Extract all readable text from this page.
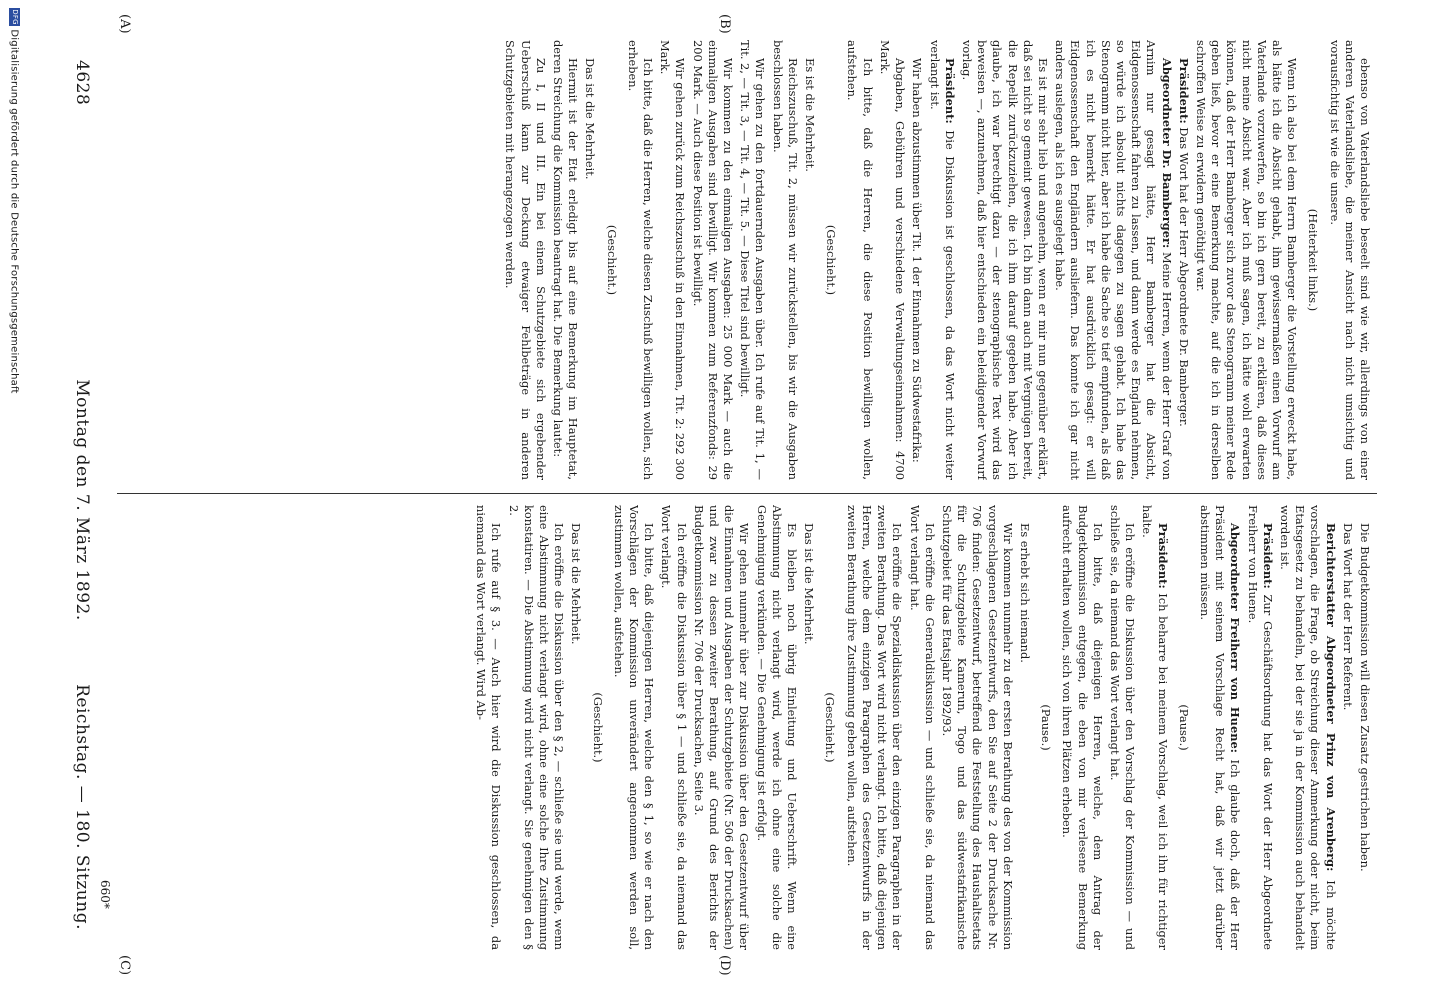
4628
Montag den 7. März 1892.
Reichstag. — 180. Sitzung.
(A)	(B)
(C)	(D)

ebenso von Vaterlandsliebe beseelt sind wie wir, allerdings von einer anderen Vaterlandsliebe, die meiner Ansicht nach nicht umsichtig und vorausfichtig ist wie die unsere.

(Heiterkeit links.)

Wenn ich also bei dem Herrn Bamberger die Vorstellung erweckt habe, als hätte ich die Absicht gehabt, ihm gewissermaßen einen Vorwurf am Vaterlande vorzuwerfen, so bin ich gern bereit, zu erklären, daß dieses nicht meine Absicht war. Aber ich muß sagen, ich hätte wohl erwarten können, daß der Herr Bamberger sich zuvor das Stenogramm meiner Rede geben ließ, bevor er eine Bemerkung machte, auf die ich in derselben schroffen Weise zu erwidern genöthigt war.

Präsident: Das Wort hat der Herr Abgeordnete Dr. Bamberger.

Abgeordneter Dr. Bamberger: Meine Herren, wenn der Herr Graf von Arnim nur gesagt hätte, Herr Bamberger hat die Absicht, Eidgenossenschaft fahren zu lassen, und dann werde es England nehmen, so würde ich absolut nichts dagegen zu sagen gehabt. Ich habe das Stenogramm nicht hier, aber ich habe die Sache so tief empfunden, als daß ich es nicht bemerkt hätte. Er hat ausdrücklich gesagt: er will Eidgenossenschaft den Engländern ausliefern. Das konnte ich gar nicht anders auslegen, als ich es ausgelegt habe.

Es ist mir sehr lieb und angenehm, wenn er mir nun gegenüber erklärt, daß sei nicht so gemeint gewesen. Ich bin dann auch mit Vergnügen bereit, die Repelik zurückzuziehen, die ich ihm darauf gegeben habe. Aber ich glaube, ich war berechtigt dazu — der stenographische Text wird das beweisen —, anzunehmen, daß hier entschieden ein beleidigender Vorwurf vorlag.

Präsident: Die Diskussion ist geschlossen, da das Wort nicht weiter verlangt ist.

Wir haben abzustimmen über Tit. 1 der Einnahmen zu Südwestafrika:

Abgaben, Gebühren und verschiedene Verwaltungseinnahmen: 4700 Mark.

Ich bitte, daß die Herren, die diese Position bewilligen wollen, aufstehen.

(Geschieht.)

Es ist die Mehrheit.

Reichszuschuß, Tit. 2, müssen wir zurückstellen, bis wir die Ausgaben beschlossen haben.

Wir gehen zu den fortdauernden Ausgaben über. Ich rufe auf Tit. 1, — Tit. 2, — Tit. 3, — Tit. 4, — Tit. 5. — Diese Titel sind bewilligt.

Wir kommen zu den einmaligen Ausgaben: 25 000 Mark — auch die einmaligen Ausgaben sind bewilligt. Wir kommen zum Referenzfonds: 29 200 Mark. — Auch diese Position ist bewilligt.

Wir gehen zurück zum Reichszuschuß in den Einnahmen, Tit. 2: 292 300 Mark.

Ich bitte, daß die Herren, welche diesen Zuschuß bewilligen wollen, sich erheben.

(Geschieht.)

Das ist die Mehrheit.

Hiermit ist der Etat erledigt bis auf eine Bemerkung im Hauptetat, deren Streichung die Kommission beantragt hat. Die Bemerkung lautet:

Zu I, II und III. Ein bei einem Schutzgebiete sich ergebender Ueberschuß kann zur Deckung etwaiger Fehlbeträge in anderen Schutzgebieten mit herangezogen werden.

Die Budgetkommission will diesen Zusatz gestrichen haben.

Das Wort hat der Herr Referent.

Berichterstatter Abgeordneter Prinz von Arenberg: Ich möchte vorschlagen, die Frage, ob Streichung dieser Anmerkung oder nicht, beim Etatsgesetz zu behandeln, bei der sie ja in der Kommission auch behandelt worden ist.

Präsident: Zur Geschäftsordnung hat das Wort der Herr Abgeordnete Freiherr von Huene.

Abgeordneter Freiherr von Huene: Ich glaube doch, daß der Herr Präsident mit seinem Vorschlage Recht hat, daß wir jetzt darüber abstimmen müssen.

(Pause.)

Präsident: Ich beharre bei meinem Vorschlag, weil ich ihn für richtiger halte.

Ich eröffne die Diskussion über den Vorschlag der Kommission — und schließe sie, da niemand das Wort verlangt hat.

Ich bitte, daß diejenigen Herren, welche, dem Antrag der Budgetkommission entgegen, die eben von mir verlesene Bemerkung aufrecht erhalten wollen, sich von ihren Plätzen erheben.

(Pause.)

Es erhebt sich niemand.

Wir kommen nunmehr zu der ersten Berathung des von der Kommission vorgeschlagenen Gesetzentwurfs, den Sie auf Seite 2 der Drucksache Nr. 706 finden: Gesetzentwurf, betreffend die Feststellung des Haushaltsetats für die Schutzgebiete Kamerun, Togo und das südwestafrikanische Schutzgebiet für das Etatsjahr 1892/93.

Ich eröffne die Generaldiskussion — und schließe sie, da niemand das Wort verlangt hat.

Ich eröffne die Spezialdiskussion über den einzigen Paragraphen in der zweiten Berathung. Das Wort wird nicht verlangt. Ich bitte, daß diejenigen Herren, welche dem einzigen Paragraphen des Gesetzentwurfs in der zweiten Berathung ihre Zustimmung geben wollen, aufstehen.

(Geschieht.)

Das ist die Mehrheit.

Es bleiben noch übrig Einleitung und Ueberschrift. Wenn eine Abstimmung nicht verlangt wird, werde ich ohne eine solche die Genehmigung verkünden. — Die Genehmigung ist erfolgt.

Wir gehen nunmehr über zur Diskussion über den Gesetzentwurf über die Einnahmen und Ausgaben der Schutzgebiete (Nr. 506 der Drucksachen) und zwar zu dessen zweiter Berathung, auf Grund des Berichts der Budgetkommission Nr. 706 der Drucksachen, Seite 3.

Ich eröffne die Diskussion über § 1 — und schließe sie, da niemand das Wort verlangt.

Ich bitte, daß diejenigen Herren, welche den § 1, so wie er nach den Vorschlägen der Kommission unverändert angenommen werden soll, zustimmen wollen, aufstehen.

(Geschieht.)

Das ist die Mehrheit.

Ich eröffne die Diskussion über den § 2, — schließe sie und werde, wenn eine Abstimmung nicht verlangt wird, ohne eine solche Ihre Zustimmung konstatiren. — Die Abstimmung wird nicht verlangt. Sie genehmigen den § 2.

Ich rufe auf § 3. — Auch hier wird die Diskussion geschlossen, da niemand das Wort verlangt. Wird Ab-

660*
DFG Digitalisierung gefördert durch die Deutsche Forschungsgemeinschaft
